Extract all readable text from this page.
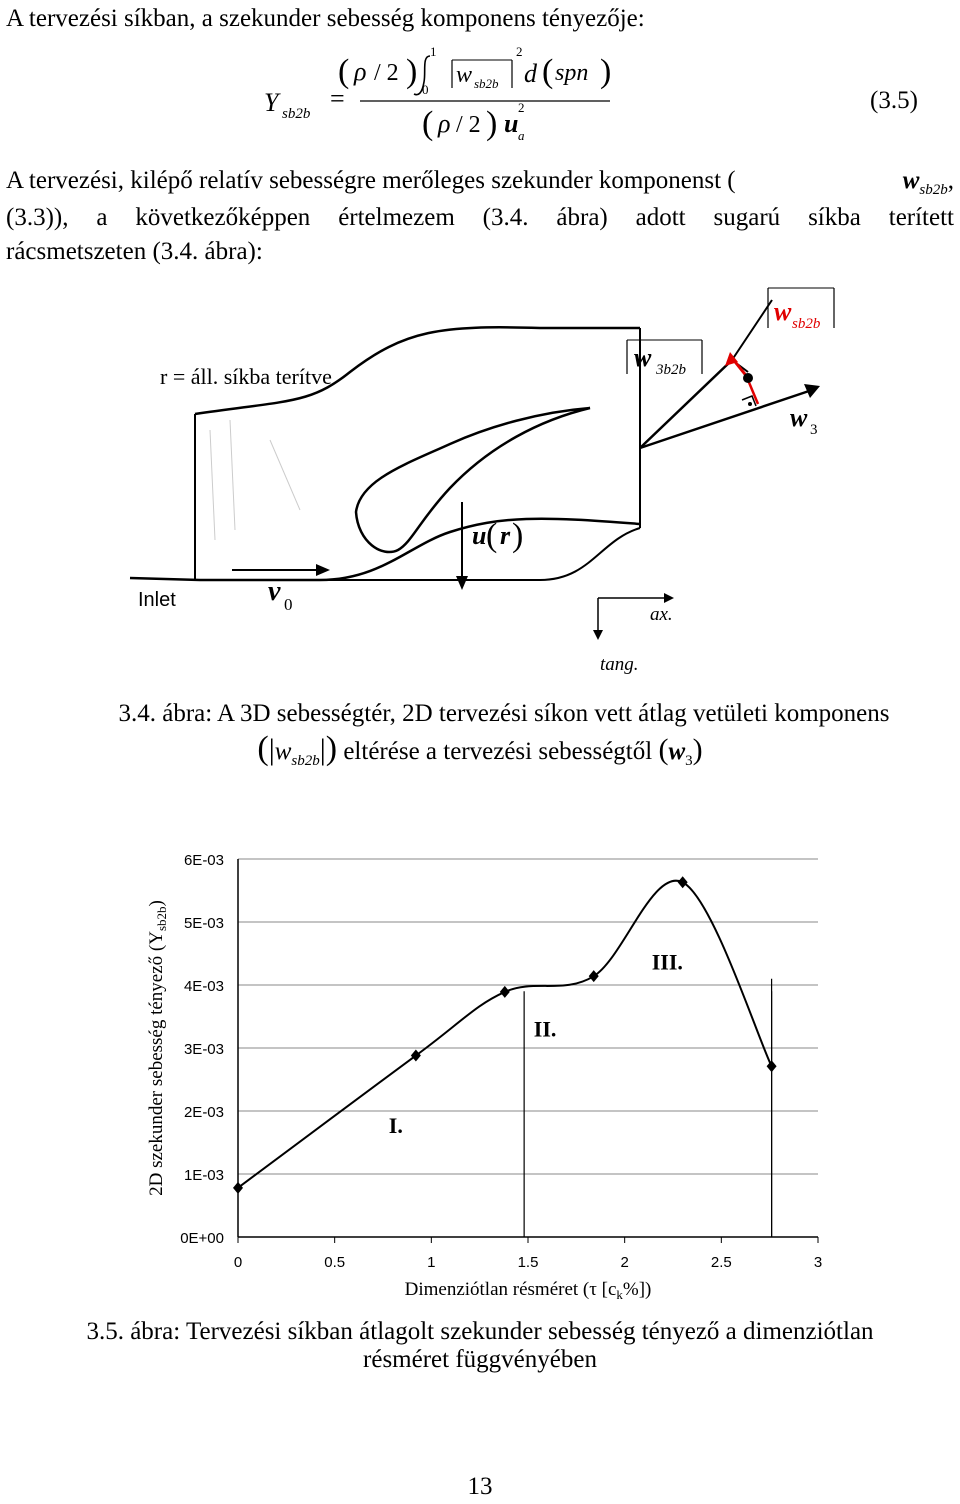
A tervezési síkban, a szekunder sebesség komponens tényezője:
Y sb2b
=
( ρ / 2 )
1
0
w sb2b
2
d ( spn )
( ρ / 2 ) u
2
a
(3.5)
A tervezési, kilépő relatív sebességre merőleges szekunder komponenst (	$w_{sb2b}$,
(3.3)), a következőképpen értelmezem (3.4. ábra) adott sugarú síkba terített
rácsmetszeten (3.4. ábra):
r = áll. síkba terítve
Inlet	v 0
u ( r )
w 3b2b
w sb2b
w 3
ax.
tang.
3.4. ábra: A 3D sebességtér, 2D tervezési síkon vett átlag vetületi komponens
$(|w_{sb2b}|)$ eltérése a tervezési sebességtől $(w_3)$
0E+00
1E-03
2E-03
3E-03
4E-03
5E-03
6E-03
0	0.5	1	1.5	2	2.5	3
I.
II.
III.
Dimenziótlan résméret (τ $[c_k\%]$)
2D szekunder sebesség tényező $(Y_{sb2b})$
3.5. ábra: Tervezési síkban átlagolt szekunder sebesség tényező a dimenziótlan
résméret függvényében
13
